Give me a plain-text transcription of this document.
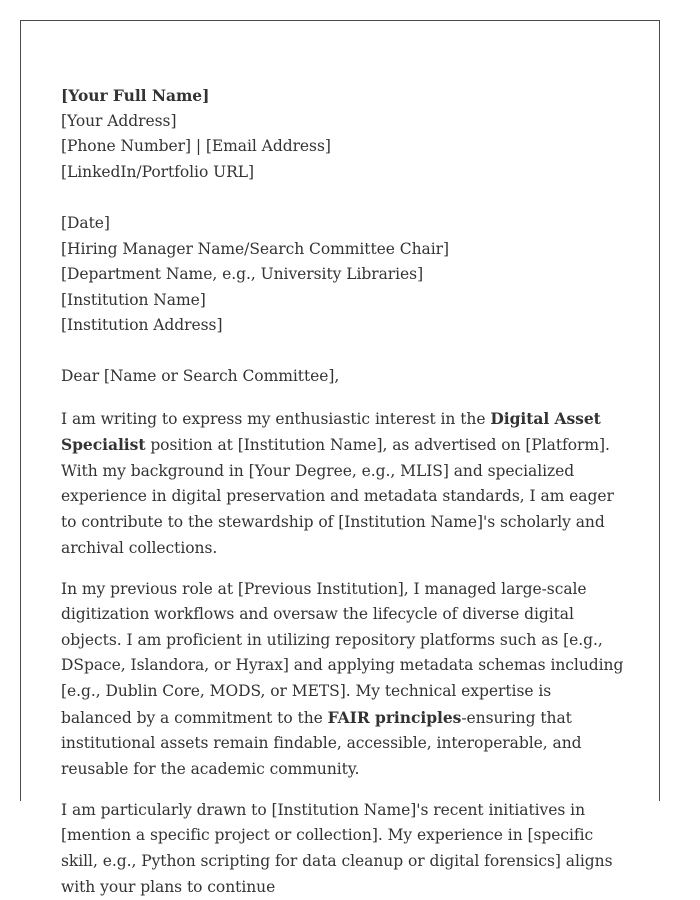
[Your Full Name]
[Your Address]
[Phone Number] | [Email Address]
[LinkedIn/Portfolio URL]
[Date]
[Hiring Manager Name/Search Committee Chair]
[Department Name, e.g., University Libraries]
[Institution Name]
[Institution Address]

Dear [Name or Search Committee],

I am writing to express my enthusiastic interest in the Digital Asset Specialist position at [Institution Name], as advertised on [Platform]. With my background in [Your Degree, e.g., MLIS] and specialized experience in digital preservation and metadata standards, I am eager to contribute to the stewardship of [Institution Name]'s scholarly and archival collections.

In my previous role at [Previous Institution], I managed large-scale digitization workflows and oversaw the lifecycle of diverse digital objects. I am proficient in utilizing repository platforms such as [e.g., DSpace, Islandora, or Hyrax] and applying metadata schemas including [e.g., Dublin Core, MODS, or METS]. My technical expertise is balanced by a commitment to the FAIR principles-ensuring that institutional assets remain findable, accessible, interoperable, and reusable for the academic community.

I am particularly drawn to [Institution Name]'s recent initiatives in [mention a specific project or collection]. My experience in [specific skill, e.g., Python scripting for data cleanup or digital forensics] aligns with your plans to continue
